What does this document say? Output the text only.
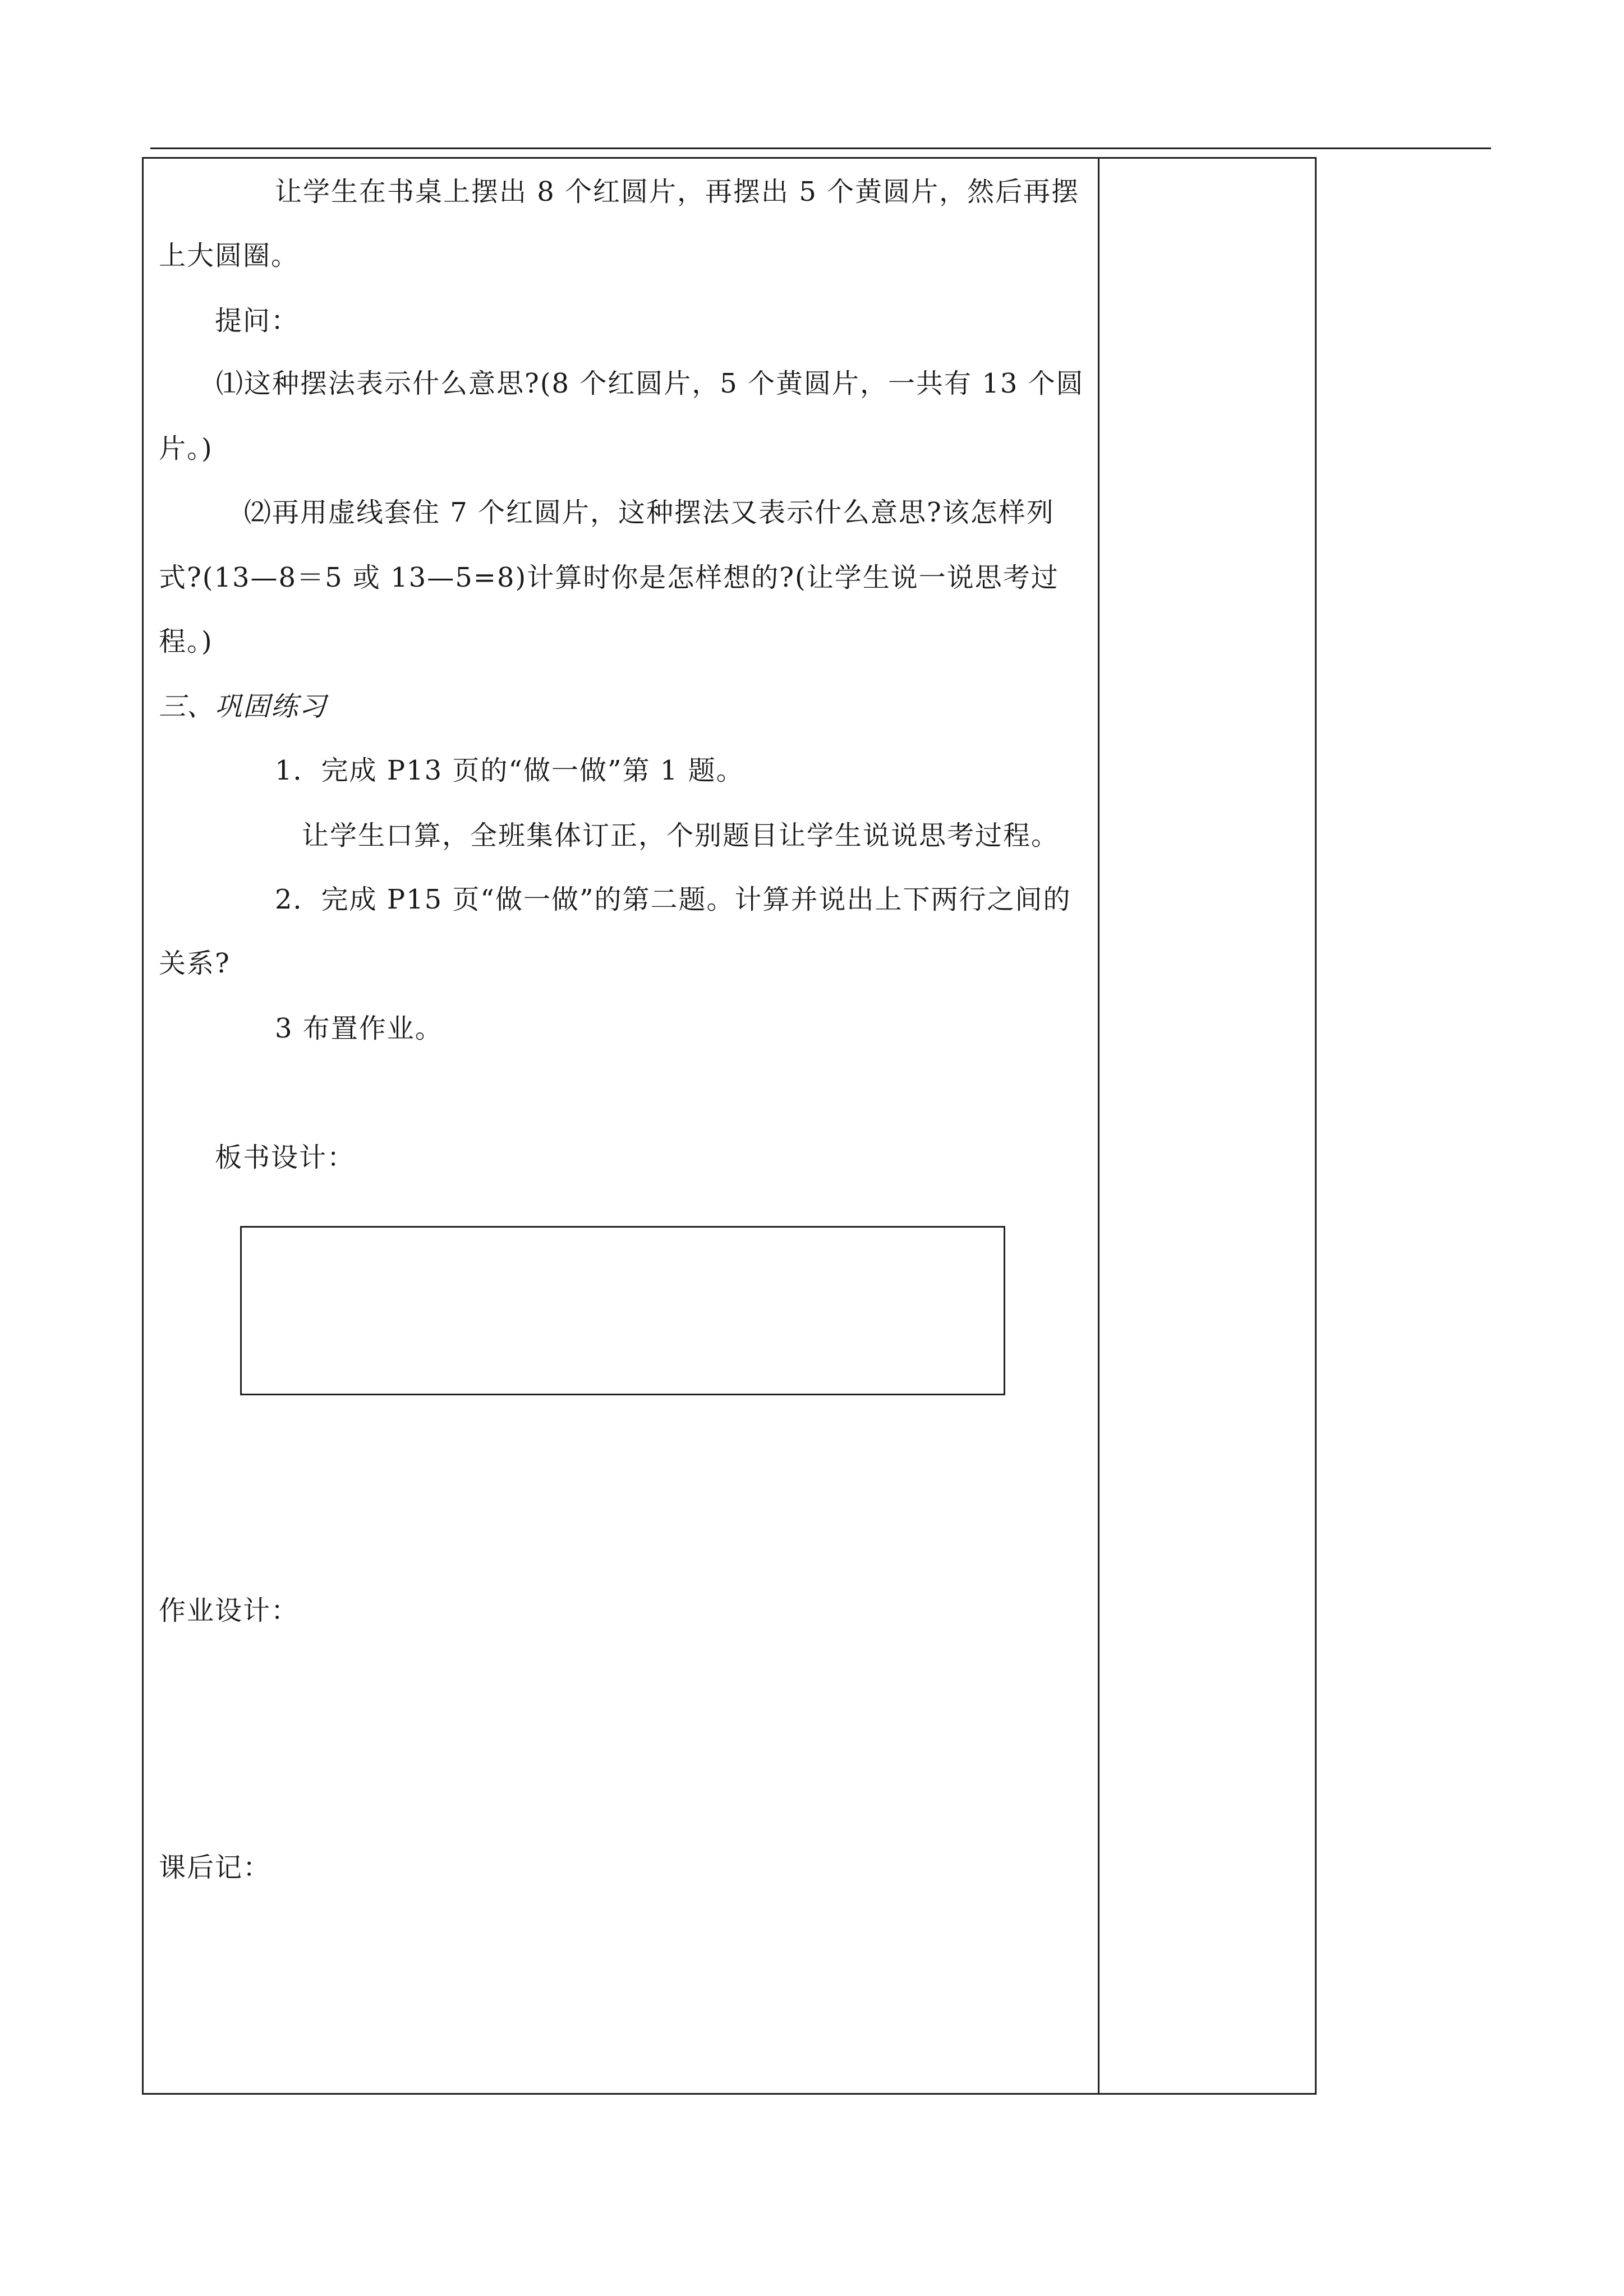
让学生在书桌上摆出 8 个红圆片，再摆出 5 个黄圆片，然后再摆
上大圆圈。
提问：
⑴这种摆法表示什么意思?(8 个红圆片，5 个黄圆片，一共有 13 个圆
片。)
⑵再用虚线套住 7 个红圆片，这种摆法又表示什么意思?该怎样列
式?(13—8＝5 或 13—5=8)计算时你是怎样想的?(让学生说一说思考过
程。)
三、巩固练习
1．完成 P13 页的“做一做”第 1 题。
让学生口算，全班集体订正，个别题目让学生说说思考过程。
2．完成 P15 页“做一做”的第二题。计算并说出上下两行之间的
关系?
3 布置作业。
板书设计：
作业设计：
课后记：
